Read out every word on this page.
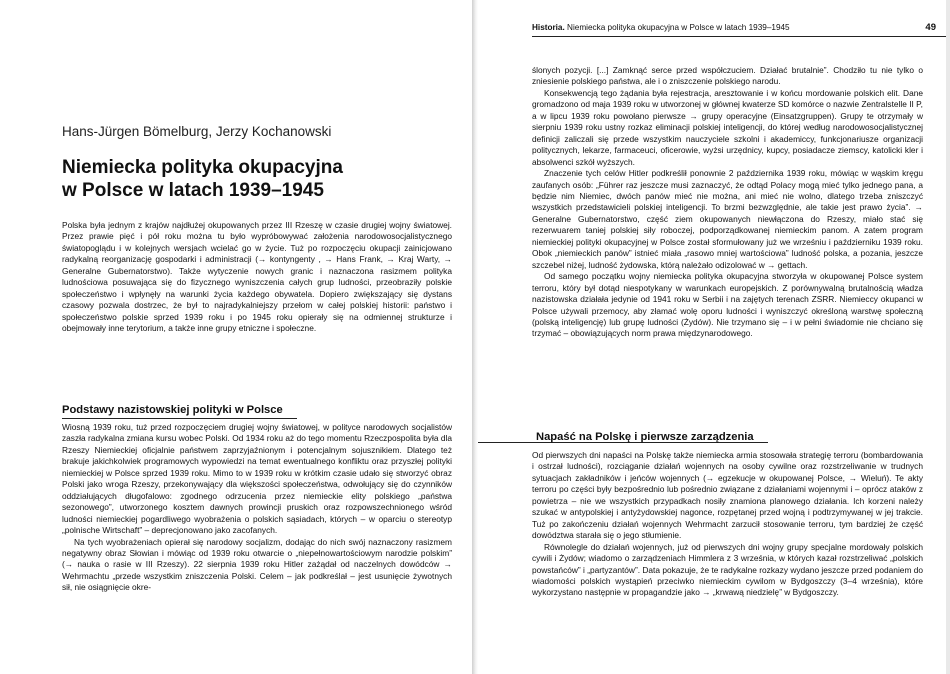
Hans-Jürgen Bömelburg, Jerzy Kochanowski
Niemiecka polityka okupacyjna
w Polsce w latach 1939–1945

Polska była jednym z krajów najdłużej okupowanych przez III Rzeszę w czasie drugiej wojny światowej. Przez prawie pięć i pół roku można tu było wypróbowywać założenia narodowosocjalistycznego światopoglądu i w kolejnych wersjach wcielać go w życie. Tuż po rozpoczęciu okupacji zainicjowano radykalną reorganizację gospodarki i administracji (→ kontyngenty , → Hans Frank, → Kraj Warty, → Generalne Gubernatorstwo). Także wytyczenie nowych granic i naznaczona rasizmem polityka ludnościowa posuwająca się do fizycznego wyniszczenia całych grup ludności, przeobraziły polskie społeczeństwo i wpłynęły na warunki życia każdego obywatela. Dopiero zwiększający się dystans czasowy pozwala dostrzec, że był to najradykalniejszy przełom w całej polskiej historii: państwo i społeczeństwo polskie sprzed 1939 roku i po 1945 roku opierały się na odmiennej strukturze i obejmowały inne terytorium, a także inne grupy etniczne i społeczne.

Podstawy nazistowskiej polityki w Polsce

Wiosną 1939 roku, tuż przed rozpoczęciem drugiej wojny światowej, w polityce narodowych socjalistów zaszła radykalna zmiana kursu wobec Polski. Od 1934 roku aż do tego momentu Rzeczpospolita była dla Rzeszy Niemieckiej oficjalnie państwem zaprzyjaźnionym i potencjalnym sojusznikiem. Dlatego też brakuje jakichkolwiek programowych wypowiedzi na temat ewentualnego konfliktu oraz przyszłej polityki niemieckiej w Polsce sprzed 1939 roku. Mimo to w 1939 roku w krótkim czasie udało się stworzyć obraz Polski jako wroga Rzeszy, przekonywający dla większości społeczeństwa, odwołujący się do czynników oddziałujących długofalowo: zgodnego odrzucenia przez niemieckie elity polskiego „państwa sezonowego”, utworzonego kosztem dawnych prowincji pruskich oraz rozpowszechnionego wśród ludności niemieckiej pogardliwego wyobrażenia o polskich sąsiadach, których – w oparciu o stereotyp „polnische Wirtschaft” – deprecjonowano jako zacofanych.

Na tych wyobrażeniach opierał się narodowy socjalizm, dodając do nich swój naznaczony rasizmem negatywny obraz Słowian i mówiąc od 1939 roku otwarcie o „niepełnowartościowym narodzie polskim” (→ nauka o rasie w III Rzeszy). 22 sierpnia 1939 roku Hitler zażądał od naczelnych dowódców → Wehrmachtu „przede wszystkim zniszczenia Polski. Celem – jak podkreślał – jest usunięcie żywotnych sił, nie osiągnięcie okre-

Historia. Niemiecka polityka okupacyjna w Polsce w latach 1939–1945	49

ślonych pozycji. [...] Zamknąć serce przed współczuciem. Działać brutalnie”. Chodziło tu nie tylko o zniesienie polskiego państwa, ale i o zniszczenie polskiego narodu.

Konsekwencją tego żądania była rejestracja, aresztowanie i w końcu mordowanie polskich elit. Dane gromadzono od maja 1939 roku w utworzonej w głównej kwaterze SD komórce o nazwie Zentralstelle II P, a w lipcu 1939 roku powołano pierwsze → grupy operacyjne (Einsatzgruppen). Grupy te otrzymały w sierpniu 1939 roku ustny rozkaz eliminacji polskiej inteligencji, do której według narodowosocjalistycznej definicji zaliczali się przede wszystkim nauczyciele szkolni i akademiccy, funkcjonariusze organizacji politycznych, lekarze, farmaceuci, oficerowie, wyżsi urzędnicy, kupcy, posiadacze ziemscy, katolicki kler i absolwenci szkół wyższych.

Znaczenie tych celów Hitler podkreślił ponownie 2 października 1939 roku, mówiąc w wąskim kręgu zaufanych osób: „Führer raz jeszcze musi zaznaczyć, że odtąd Polacy mogą mieć tylko jednego pana, a będzie nim Niemiec, dwóch panów mieć nie można, ani mieć nie wolno, dlatego trzeba zniszczyć wszystkich przedstawicieli polskiej inteligencji. To brzmi bezwzględnie, ale takie jest prawo życia”. → Generalne Gubernatorstwo, część ziem okupowanych niewłączona do Rzeszy, miało stać się rezerwuarem taniej polskiej siły roboczej, podporządkowanej niemieckim panom. A zatem program niemieckiej polityki okupacyjnej w Polsce został sformułowany już we wrześniu i październiku 1939 roku. Obok „niemieckich panów” istnieć miała „rasowo mniej wartościowa” ludność polska, a pozania, jeszcze szczebel niżej, ludność żydowska, którą należało odizolować w → gettach.

Od samego początku wojny niemiecka polityka okupacyjna stworzyła w okupowanej Polsce system terroru, który był dotąd niespotykany w warunkach europejskich. Z porównywalną brutalnością władza nazistowska działała jedynie od 1941 roku w Serbii i na zajętych terenach ZSRR. Niemieccy okupanci w Polsce używali przemocy, aby złamać wolę oporu ludności i wyniszczyć określoną warstwę społeczną (polską inteligencję) lub grupę ludności (Żydów). Nie trzymano się – i w pełni świadomie nie chciano się trzymać – obowiązujących norm prawa międzynarodowego.

Napaść na Polskę i pierwsze zarządzenia

Od pierwszych dni napaści na Polskę także niemiecka armia stosowała strategię terroru (bombardowania i ostrzał ludności), rozciąganie działań wojennych na osoby cywilne oraz rozstrzeliwanie w trudnych sytuacjach zakładników i jeńców wojennych (→ egzekucje w okupowanej Polsce, → Wieluń). Te akty terroru po części były bezpośrednio lub pośrednio związane z działaniami wojennymi i – oprócz ataków z powietrza – nie we wszystkich przypadkach nosiły znamiona planowego działania. Ich korzeni należy szukać w antypolskiej i antyżydowskiej nagonce, rozpętanej przed wojną i podtrzymywanej w jej trakcie. Tuż po zakończeniu działań wojennych Wehrmacht zarzucił stosowanie terroru, tym bardziej że część dowództwa starała się o jego stłumienie.

Równolegle do działań wojennych, już od pierwszych dni wojny grupy specjalne mordowały polskich cywili i Żydów; wiadomo o zarządzeniach Himmlera z 3 września, w których kazał rozstrzeliwać „polskich powstańców” i „partyzantów”. Data pokazuje, że te radykalne rozkazy wydano jeszcze przed podaniem do wiadomości polskich wystąpień przeciwko niemieckim cywilom w Bydgoszczy (3–4 września), które wykorzystano następnie w propagandzie jako → „krwawą niedzielę” w Bydgoszczy.
